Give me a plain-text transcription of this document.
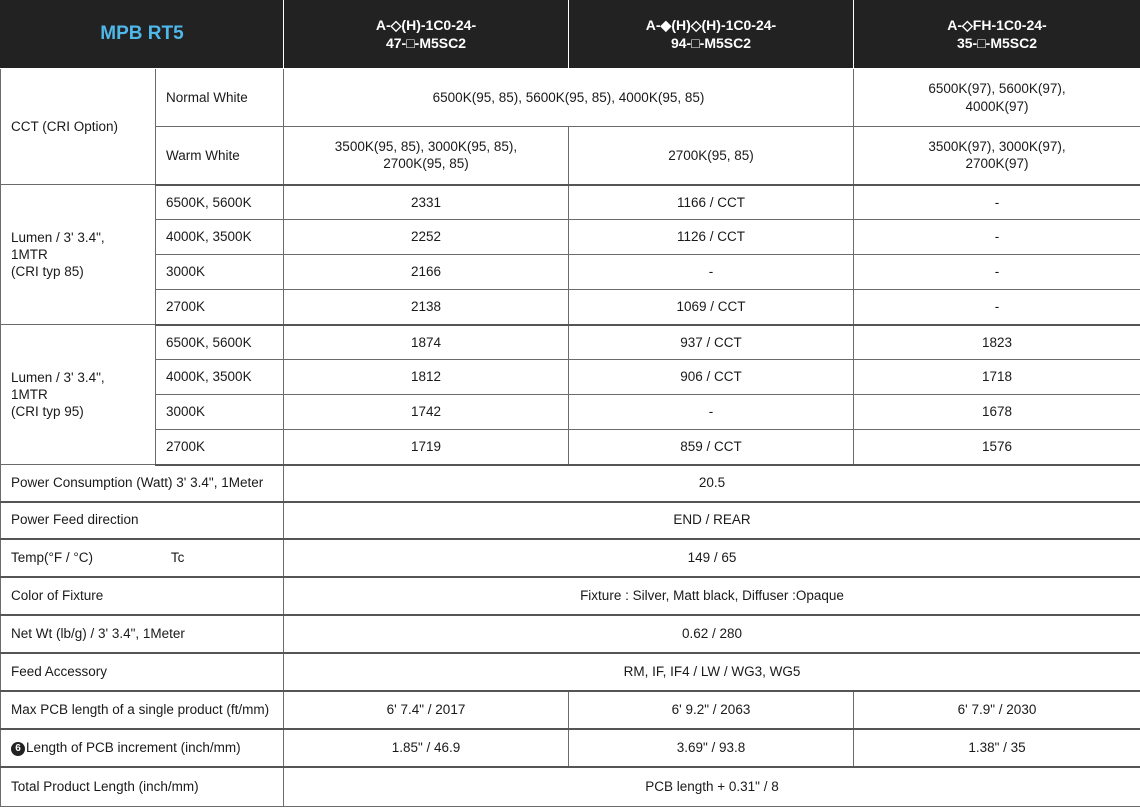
MPB RT5		A-◇(H)-1C0-24-
47-□-M5SC2	A-◆(H)◇(H)-1C0-24-
94-□-M5SC2	A-◇FH-1C0-24-
35-□-M5SC2
CCT (CRI Option)	Normal White	6500K(95, 85), 5600K(95, 85), 4000K(95, 85)		6500K(97), 5600K(97),
4000K(97)
	Warm White	3500K(95, 85), 3000K(95, 85),
2700K(95, 85)	2700K(95, 85)	3500K(97), 3000K(97),
2700K(97)
Lumen / 3' 3.4", 1MTR
(CRI typ 85)	6500K, 5600K	2331	1166 / CCT	-
	4000K, 3500K	2252	1126 / CCT	-
	3000K	2166	-	-
	2700K	2138	1069 / CCT	-
Lumen / 3' 3.4", 1MTR
(CRI typ 95)	6500K, 5600K	1874	937 / CCT	1823
	4000K, 3500K	1812	906 / CCT	1718
	3000K	1742	-	1678
	2700K	1719	859 / CCT	1576
Power Consumption (Watt) 3' 3.4", 1Meter		20.5		
Power Feed direction		END / REAR		
Temp(°F / °C) Tc		149 / 65		
Color of Fixture		Fixture : Silver, Matt black, Diffuser :Opaque		
Net Wt (lb/g) / 3' 3.4", 1Meter		0.62 / 280		
Feed Accessory		RM, IF, IF4 / LW / WG3, WG5		
Max PCB length of a single product (ft/mm)		6' 7.4" / 2017	6' 9.2" / 2063	6' 7.9" / 2030
6 Length of PCB increment (inch/mm)		1.85" / 46.9	3.69" / 93.8	1.38" / 35
Total Product Length (inch/mm)		PCB length + 0.31" / 8		
